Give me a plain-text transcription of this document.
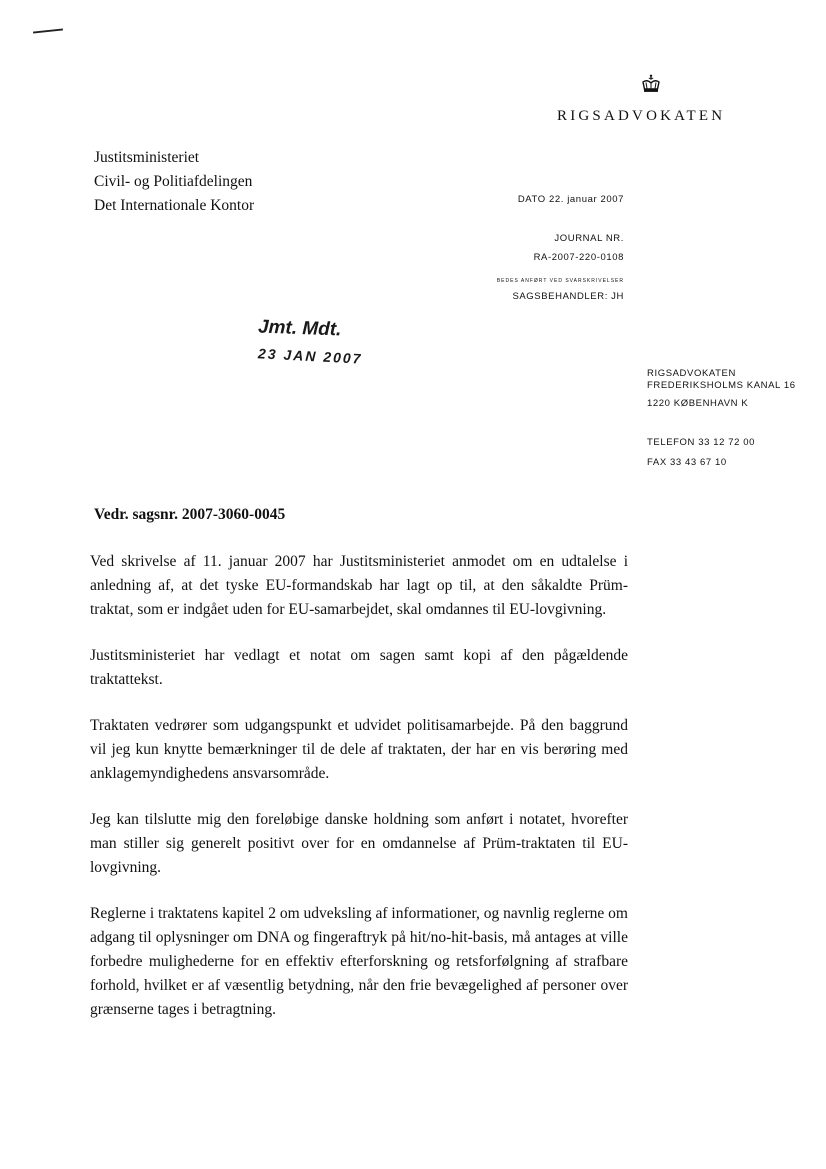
RIGSADVOKATEN
Justitsministeriet
Civil- og Politiafdelingen
Det Internationale Kontor	DATO 22. januar 2007
JOURNAL NR.
RA-2007-220-0108
BEDES ANFØRT VED SVARSKRIVELSER
SAGSBEHANDLER: JH
Jmt. Mdt.
23 JAN 2007
RIGSADVOKATEN
FREDERIKSHOLMS KANAL 16
1220 KØBENHAVN K
TELEFON 33 12 72 00
FAX 33 43 67 10
Vedr. sagsnr. 2007-3060-0045

Ved skrivelse af 11. januar 2007 har Justitsministeriet anmodet om en udtalelse i anledning af, at det tyske EU-formandskab har lagt op til, at den såkaldte Prüm-traktat, som er indgået uden for EU-samarbejdet, skal omdannes til EU-lovgivning.

Justitsministeriet har vedlagt et notat om sagen samt kopi af den pågældende traktattekst.

Traktaten vedrører som udgangspunkt et udvidet politisamarbejde. På den baggrund vil jeg kun knytte bemærkninger til de dele af traktaten, der har en vis berøring med anklagemyndighedens ansvarsområde.

Jeg kan tilslutte mig den foreløbige danske holdning som anført i notatet, hvorefter man stiller sig generelt positivt over for en omdannelse af Prüm-traktaten til EU-lovgivning.

Reglerne i traktatens kapitel 2 om udveksling af informationer, og navnlig reglerne om adgang til oplysninger om DNA og fingeraftryk på hit/no-hit-basis, må antages at ville forbedre mulighederne for en effektiv efterforskning og retsforfølgning af strafbare forhold, hvilket er af væsentlig betydning, når den frie bevægelighed af personer over grænserne tages i betragtning.
